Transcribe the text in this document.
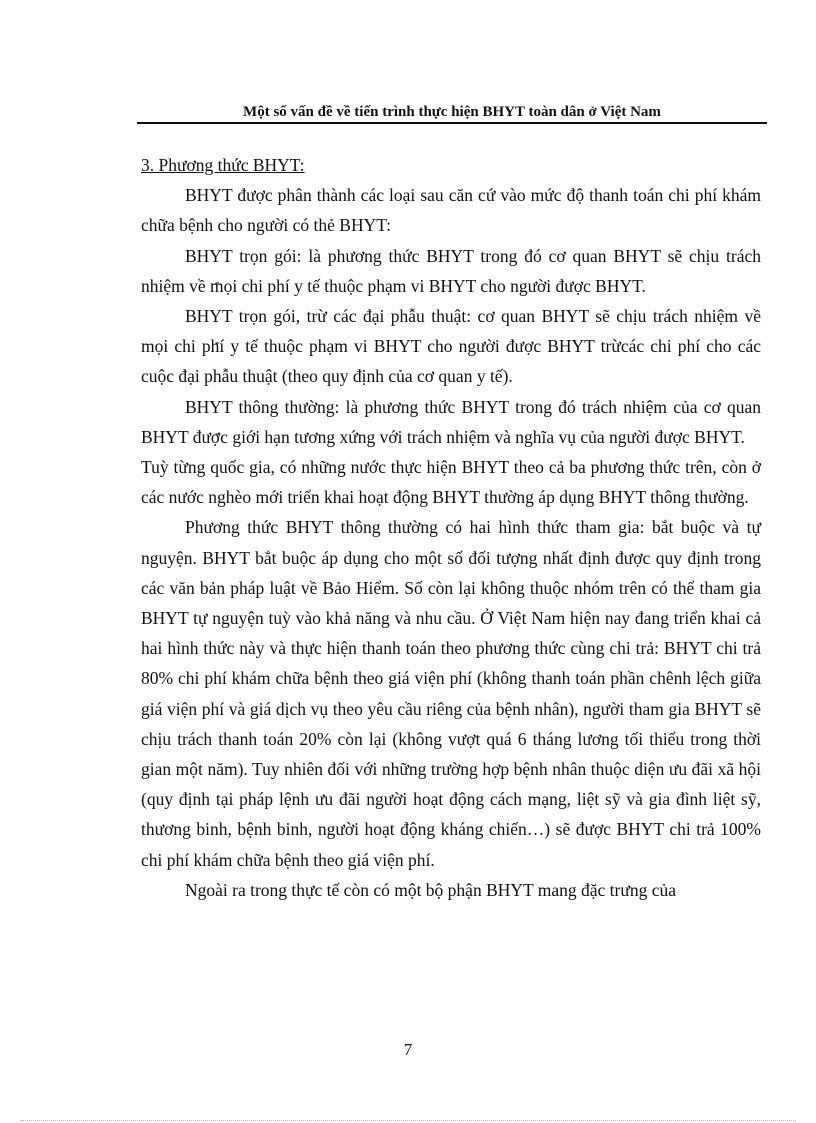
Một số vấn đề về tiến trình thực hiện BHYT toàn dân ở Việt Nam

3. Phương thức BHYT:

BHYT được phân thành các loại sau căn cứ vào mức độ thanh toán chi phí khám chữa bệnh cho người có thẻ BHYT:

BHYT trọn gói: là phương thức BHYT trong đó cơ quan BHYT sẽ chịu trách nhiệm về mọi chi phí y tế thuộc phạm vi BHYT cho người được BHYT.

BHYT trọn gói, trừ các đại phẫu thuật: cơ quan BHYT sẽ chịu trách nhiệm về mọi chi phí y tế thuộc phạm vi BHYT cho người được BHYT trừcác chi phí cho các cuộc đại phẫu thuật (theo quy định của cơ quan y tế).

BHYT thông thường: là phương thức BHYT trong đó trách nhiệm của cơ quan BHYT được giới hạn tương xứng với trách nhiệm và nghĩa vụ của người được BHYT.

Tuỳ từng quốc gia, có những nước thực hiện BHYT theo cả ba phương thức trên, còn ở các nước nghèo mới triển khai hoạt động BHYT thường áp dụng BHYT thông thường.

Phương thức BHYT thông thường có hai hình thức tham gia: bắt buộc và tự nguyện. BHYT bắt buộc áp dụng cho một số đối tượng nhất định được quy định trong các văn bản pháp luật về Bảo Hiểm. Số còn lại không thuộc nhóm trên có thể tham gia BHYT tự nguyện tuỳ vào khả năng và nhu cầu. Ở Việt Nam hiện nay đang triển khai cả hai hình thức này và thực hiện thanh toán theo phương thức cùng chi trả: BHYT chi trả 80% chi phí khám chữa bệnh theo giá viện phí (không thanh toán phần chênh lệch giữa giá viện phí và giá dịch vụ theo yêu cầu riêng của bệnh nhân), người tham gia BHYT sẽ chịu trách thanh toán 20% còn lại (không vượt quá 6 tháng lương tối thiểu trong thời gian một năm). Tuy nhiên đối với những trường hợp bệnh nhân thuộc diện ưu đãi xã hội (quy định tại pháp lệnh ưu đãi người hoạt động cách mạng, liệt sỹ và gia đình liệt sỹ, thương binh, bệnh binh, người hoạt động kháng chiến…) sẽ được BHYT chi trả 100% chi phí khám chữa bệnh theo giá viện phí.

Ngoài ra trong thực tế còn có một bộ phận BHYT mang đặc trưng của

7
